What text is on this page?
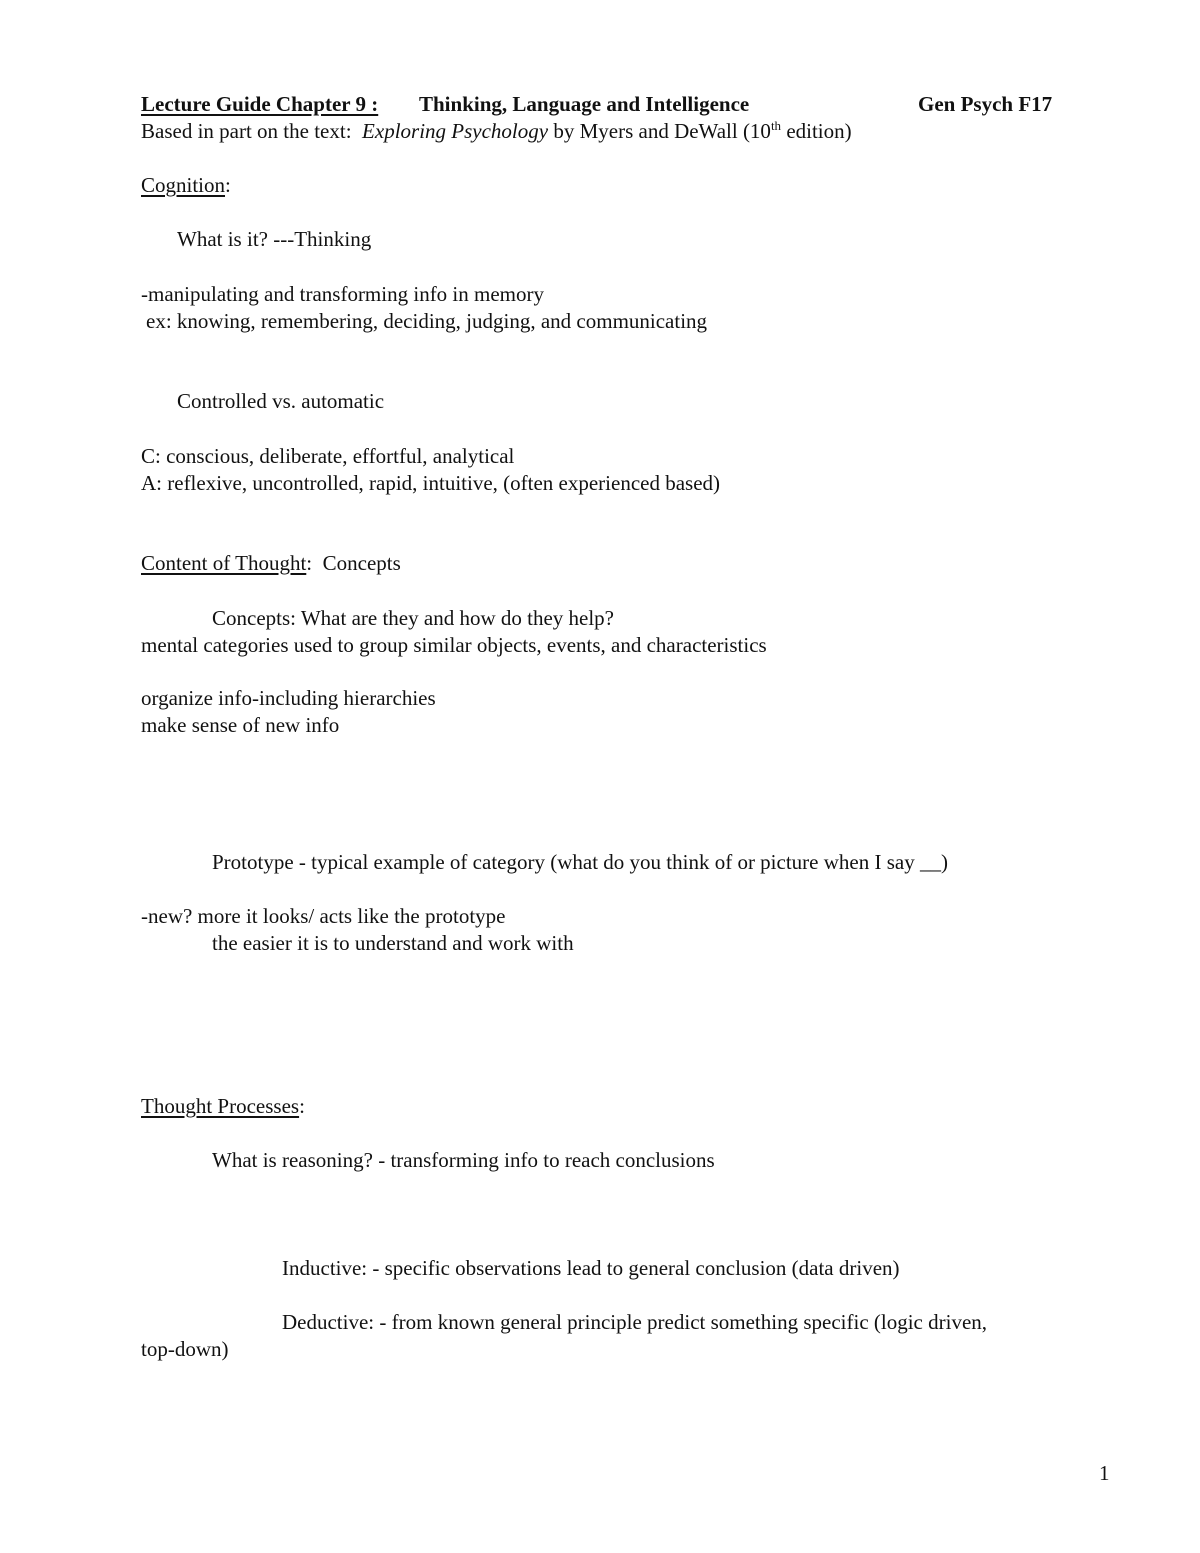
Lecture Guide Chapter 9 : Thinking, Language and Intelligence	Gen Psych F17
Based in part on the text: Exploring Psychology by Myers and DeWall (10th edition)
Cognition:
What is it? ---Thinking
-manipulating and transforming info in memory
ex: knowing, remembering, deciding, judging, and communicating
Controlled vs. automatic
C: conscious, deliberate, effortful, analytical
A: reflexive, uncontrolled, rapid, intuitive, (often experienced based)
Content of Thought:  Concepts
Concepts: What are they and how do they help?
mental categories used to group similar objects, events, and characteristics
organize info-including hierarchies
make sense of new info
Prototype - typical example of category (what do you think of or picture when I say __)
-new? more it looks/ acts like the prototype
the easier it is to understand and work with
Thought Processes:
What is reasoning? - transforming info to reach conclusions
Inductive: - specific observations lead to general conclusion (data driven)
Deductive: - from known general principle predict something specific (logic driven,
top-down)
1
